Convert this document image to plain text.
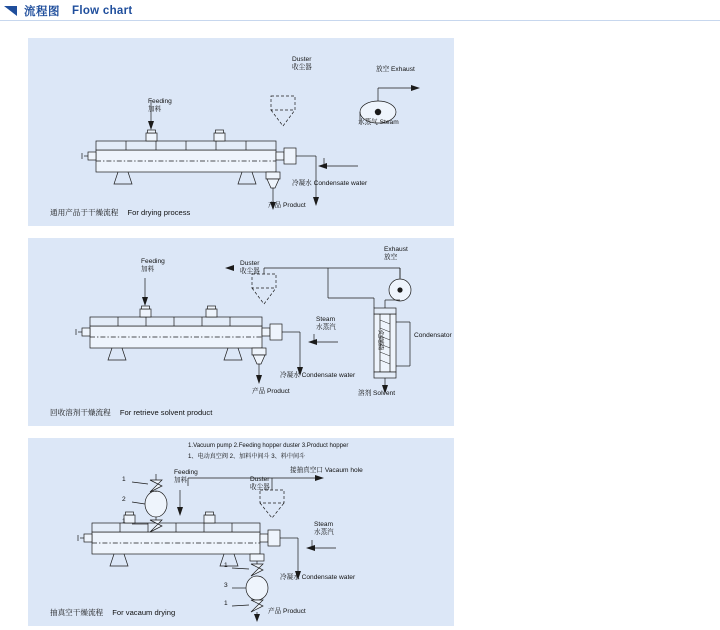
流程图 Flow chart
Feeding
加料
Duster
收尘器	放空 Exhaust
水蒸气 Steam
冷凝水 Condensate water
产品 Product
通用产品于干燥流程 For drying process
Feeding
加料
Duster
收尘器
Exhaust
放空
Steam
水蒸汽
冷凝水 Condensate water
产品 Product
冷凝器	Condensator
溶剂 Solvent
回收溶剂干燥流程 For retrieve solvent product
1.Vacuum pump 2.Feeding hopper duster 3.Product hopper
1、电动真空阀 2、加料中间斗 3、料中间斗
1
2
1
1
3
1
Feeding
加料	Duster
收尘器
接抽真空口 Vacaum hole
Steam
水蒸汽
冷凝水 Condensate water
产品 Product
抽真空干燥流程 For vacaum drying
